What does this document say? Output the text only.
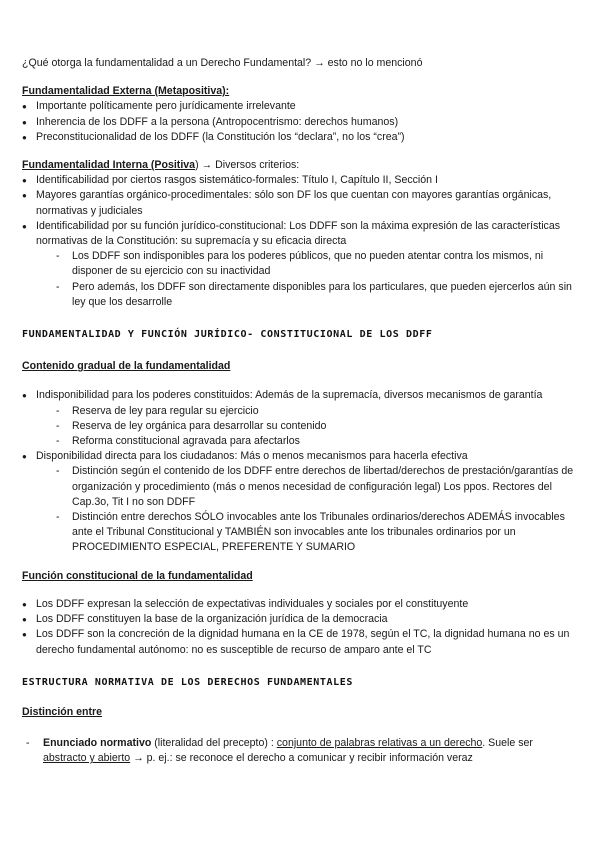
¿Qué otorga la fundamentalidad a un Derecho Fundamental? → esto no lo mencionó

Fundamentalidad Externa (Metapositiva):

● Importante políticamente pero jurídicamente irrelevante
● Inherencia de los DDFF a la persona (Antropocentrismo: derechos humanos)
● Preconstitucionalidad de los DDFF (la Constitución los “declara”, no los “crea”)

Fundamentalidad Interna (Positiva) → Diversos criterios:

● Identificabilidad por ciertos rasgos sistemático-formales: Título I, Capítulo II, Sección I
● Mayores garantías orgánico-procedimentales: sólo son DF los que cuentan con mayores garantías orgánicas, normativas y judiciales
● Identificabilidad por su función jurídico-constitucional: Los DDFF son la máxima expresión de las características normativas de la Constitución: su supremacía y su eficacia directa
- Los DDFF son indisponibles para los poderes públicos, que no pueden atentar contra los mismos, ni disponer de su ejercicio con su inactividad
- Pero además, los DDFF son directamente disponibles para los particulares, que pueden ejercerlos aún sin ley que los desarrolle

FUNDAMENTALIDAD Y FUNCIÓN JURÍDICO- CONSTITUCIONAL DE LOS DDFF

Contenido gradual de la fundamentalidad

● Indisponibilidad para los poderes constituidos: Además de la supremacía, diversos mecanismos de garantía
- Reserva de ley para regular su ejercicio
- Reserva de ley orgánica para desarrollar su contenido
- Reforma constitucional agravada para afectarlos
● Disponibilidad directa para los ciudadanos: Más o menos mecanismos para hacerla efectiva
- Distinción según el contenido de los DDFF entre derechos de libertad/derechos de prestación/garantías de organización y procedimiento (más o menos necesidad de configuración legal) Los ppos. Rectores del Cap.3o, Tit I no son DDFF
- Distinción entre derechos SÓLO invocables ante los Tribunales ordinarios/derechos ADEMÁS invocables ante el Tribunal Constitucional y TAMBIÉN son invocables ante los tribunales ordinarios por un PROCEDIMIENTO ESPECIAL, PREFERENTE Y SUMARIO

Función constitucional de la fundamentalidad

● Los DDFF expresan la selección de expectativas individuales y sociales por el constituyente
● Los DDFF constituyen la base de la organización jurídica de la democracia
● Los DDFF son la concreción de la dignidad humana en la CE de 1978, según el TC, la dignidad humana no es un derecho fundamental autónomo: no es susceptible de recurso de amparo ante el TC

ESTRUCTURA NORMATIVA DE LOS DERECHOS FUNDAMENTALES

Distinción entre

- Enunciado normativo (literalidad del precepto) : conjunto de palabras relativas a un derecho. Suele ser abstracto y abierto → p. ej.: se reconoce el derecho a comunicar y recibir información veraz
